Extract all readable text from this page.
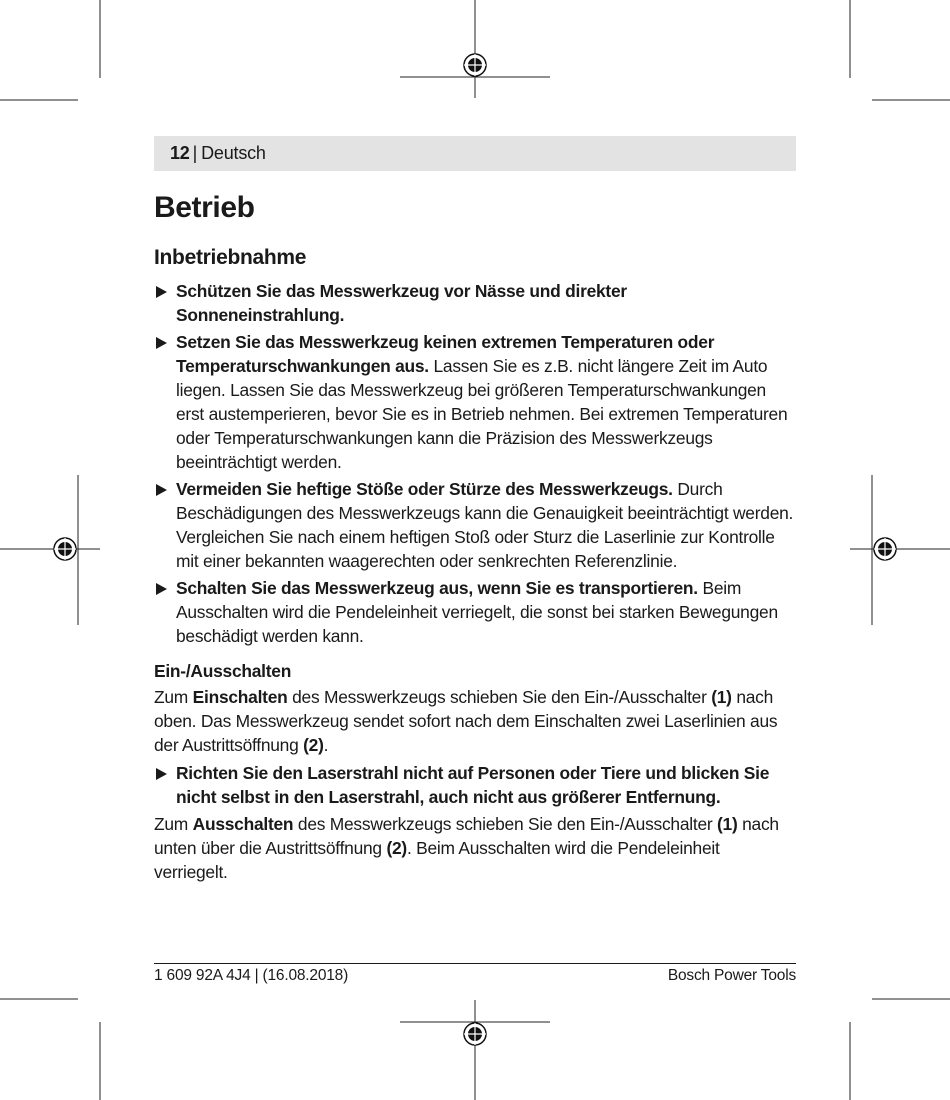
12 | Deutsch
Betrieb
Inbetriebnahme

Schützen Sie das Messwerkzeug vor Nässe und direkter Sonneneinstrahlung.

Setzen Sie das Messwerkzeug keinen extremen Temperaturen oder Temperaturschwankungen aus. Lassen Sie es z.B. nicht längere Zeit im Auto liegen. Lassen Sie das Messwerkzeug bei größeren Temperaturschwankungen erst austemperieren, bevor Sie es in Betrieb nehmen. Bei extremen Temperaturen oder Temperaturschwankungen kann die Präzision des Messwerkzeugs beeinträchtigt werden.

Vermeiden Sie heftige Stöße oder Stürze des Messwerkzeugs. Durch Beschädigungen des Messwerkzeugs kann die Genauigkeit beeinträchtigt werden. Vergleichen Sie nach einem heftigen Stoß oder Sturz die Laserlinie zur Kontrolle mit einer bekannten waagerechten oder senkrechten Referenzlinie.

Schalten Sie das Messwerkzeug aus, wenn Sie es transportieren. Beim Ausschalten wird die Pendeleinheit verriegelt, die sonst bei starken Bewegungen beschädigt werden kann.

Ein-/Ausschalten

Zum Einschalten des Messwerkzeugs schieben Sie den Ein-/Ausschalter (1) nach oben. Das Messwerkzeug sendet sofort nach dem Einschalten zwei Laserlinien aus der Austrittsöffnung (2).

Richten Sie den Laserstrahl nicht auf Personen oder Tiere und blicken Sie nicht selbst in den Laserstrahl, auch nicht aus größerer Entfernung.

Zum Ausschalten des Messwerkzeugs schieben Sie den Ein-/Ausschalter (1) nach unten über die Austrittsöffnung (2). Beim Ausschalten wird die Pendeleinheit verriegelt.

1 609 92A 4J4 | (16.08.2018)	Bosch Power Tools
